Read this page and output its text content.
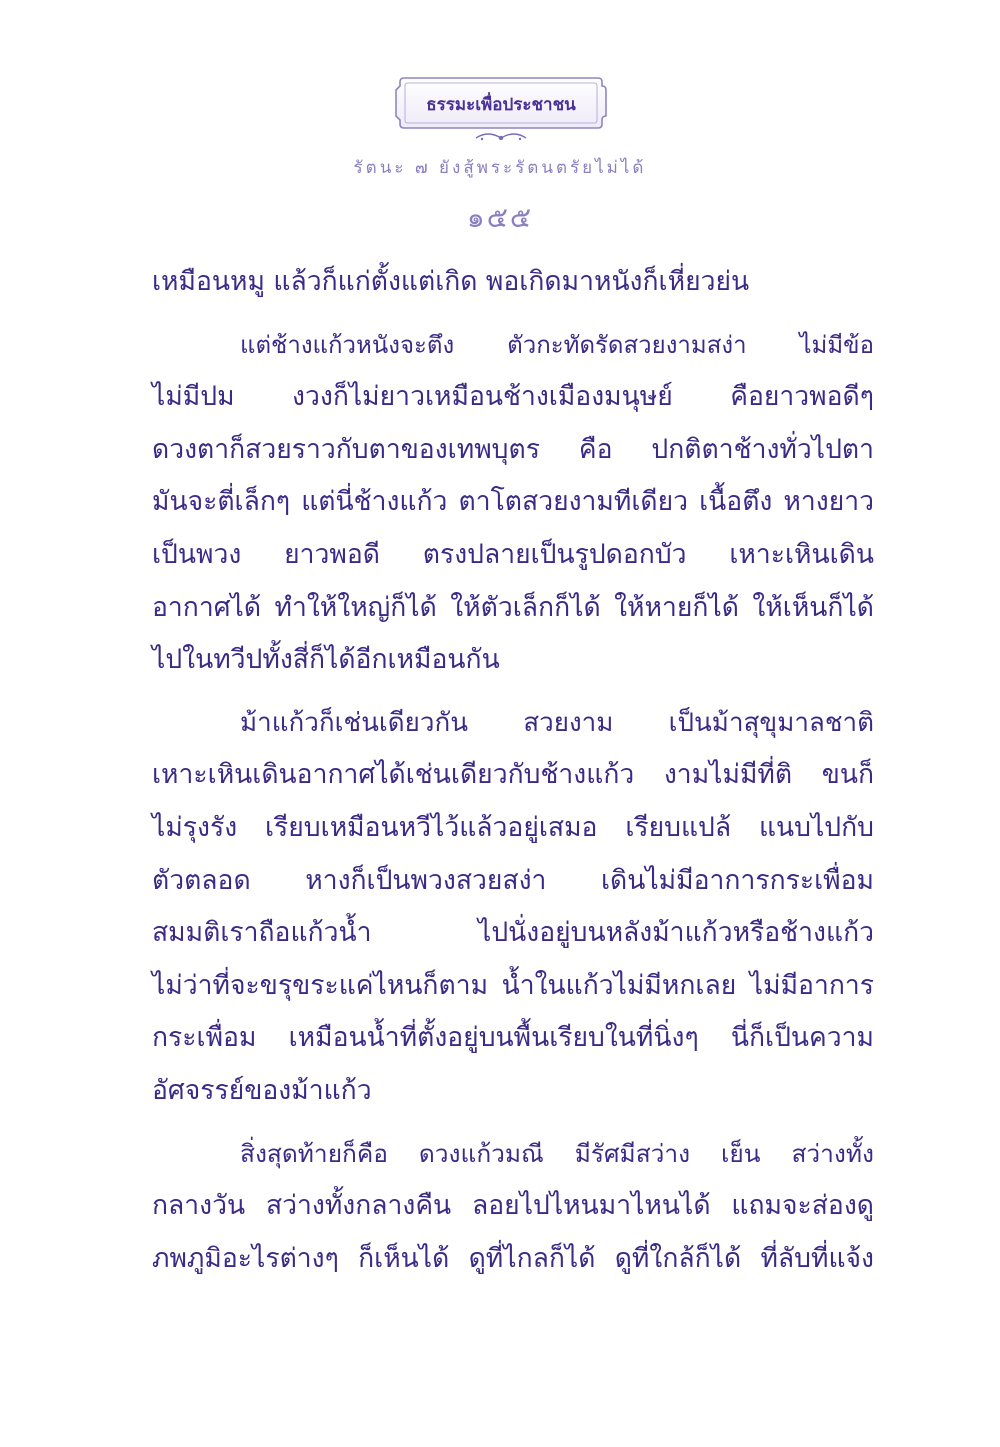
ธรรมะเพื่อประชาชน
รัตนะ ๗ ยังสู้พระรัตนตรัยไม่ได้
๑๕๕

เหมือนหมู แล้วก็แก่ตั้งแต่เกิด พอเกิดมาหนังก็เหี่ยวย่น

แต่ช้างแก้วหนังจะตึง ตัวกะทัดรัดสวยงามสง่า ไม่มีข้อ
ไม่มีปม งวงก็ไม่ยาวเหมือนช้างเมืองมนุษย์ คือยาวพอดีๆ
ดวงตาก็สวยราวกับตาของเทพบุตร คือ ปกติตาช้างทั่วไปตา
มันจะตี่เล็กๆ แต่นี่ช้างแก้ว ตาโตสวยงามทีเดียว เนื้อตึง หางยาว
เป็นพวง ยาวพอดี ตรงปลายเป็นรูปดอกบัว เหาะเหินเดิน
อากาศได้ ทำให้ใหญ่ก็ได้ ให้ตัวเล็กก็ได้ ให้หายก็ได้ ให้เห็นก็ได้
ไปในทวีปทั้งสี่ก็ได้อีกเหมือนกัน

ม้าแก้วก็เช่นเดียวกัน สวยงาม เป็นม้าสุขุมาลชาติ
เหาะเหินเดินอากาศได้เช่นเดียวกับช้างแก้ว งามไม่มีที่ติ ขนก็
ไม่รุงรัง เรียบเหมือนหวีไว้แล้วอยู่เสมอ เรียบแปล้ แนบไปกับ
ตัวตลอด หางก็เป็นพวงสวยสง่า เดินไม่มีอาการกระเพื่อม
สมมติเราถือแก้วน้ำ ไปนั่งอยู่บนหลังม้าแก้วหรือช้างแก้ว
ไม่ว่าที่จะขรุขระแค่ไหนก็ตาม น้ำในแก้วไม่มีหกเลย ไม่มีอาการ
กระเพื่อม เหมือนน้ำที่ตั้งอยู่บนพื้นเรียบในที่นิ่งๆ นี่ก็เป็นความ
อัศจรรย์ของม้าแก้ว

สิ่งสุดท้ายก็คือ ดวงแก้วมณี มีรัศมีสว่าง เย็น สว่างทั้ง
กลางวัน สว่างทั้งกลางคืน ลอยไปไหนมาไหนได้ แถมจะส่องดู
ภพภูมิอะไรต่างๆ ก็เห็นได้ ดูที่ไกลก็ได้ ดูที่ใกล้ก็ได้ ที่ลับที่แจ้ง
